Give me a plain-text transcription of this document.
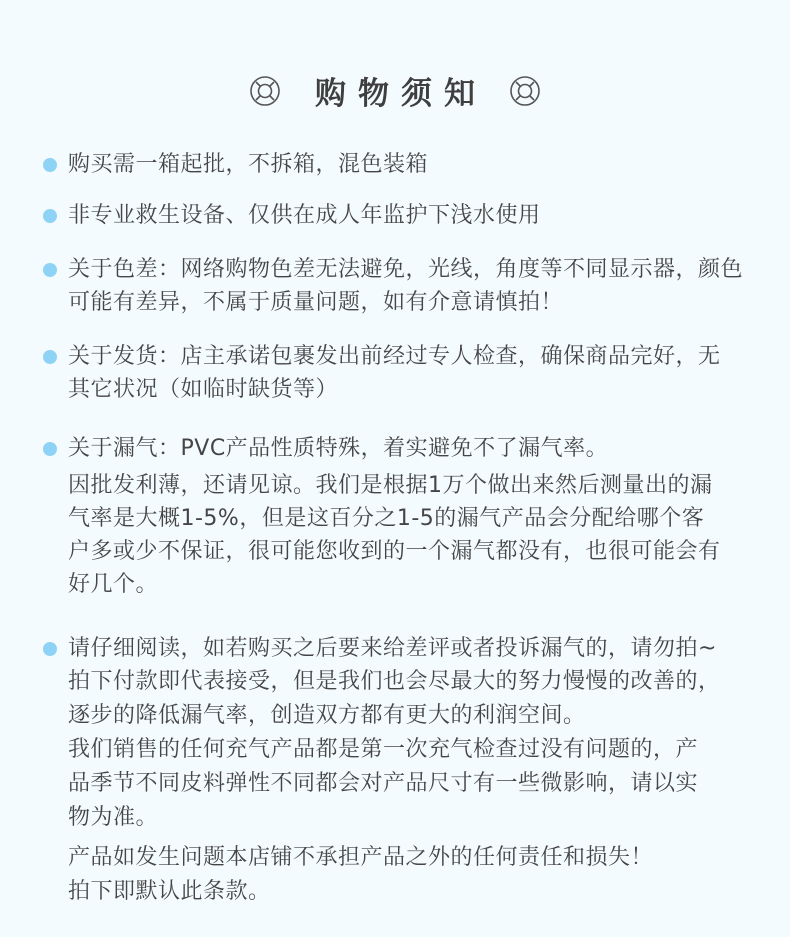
购物须知
购买需一箱起批，不拆箱，混色装箱
非专业救生设备、仅供在成人年监护下浅水使用
关于色差：网络购物色差无法避免，光线，角度等不同显示器，颜色
可能有差异，不属于质量问题，如有介意请慎拍！
关于发货：店主承诺包裹发出前经过专人检查，确保商品完好，无
其它状况（如临时缺货等）
关于漏气：PVC产品性质特殊，着实避免不了漏气率。
因批发利薄，还请见谅。我们是根据1万个做出来然后测量出的漏
气率是大概1-5%，但是这百分之1-5的漏气产品会分配给哪个客
户多或少不保证，很可能您收到的一个漏气都没有，也很可能会有
好几个。
请仔细阅读，如若购买之后要来给差评或者投诉漏气的，请勿拍~
拍下付款即代表接受，但是我们也会尽最大的努力慢慢的改善的，
逐步的降低漏气率，创造双方都有更大的利润空间。
我们销售的任何充气产品都是第一次充气检查过没有问题的，产
品季节不同皮料弹性不同都会对产品尺寸有一些微影响，请以实
物为准。
产品如发生问题本店铺不承担产品之外的任何责任和损失！
拍下即默认此条款。
